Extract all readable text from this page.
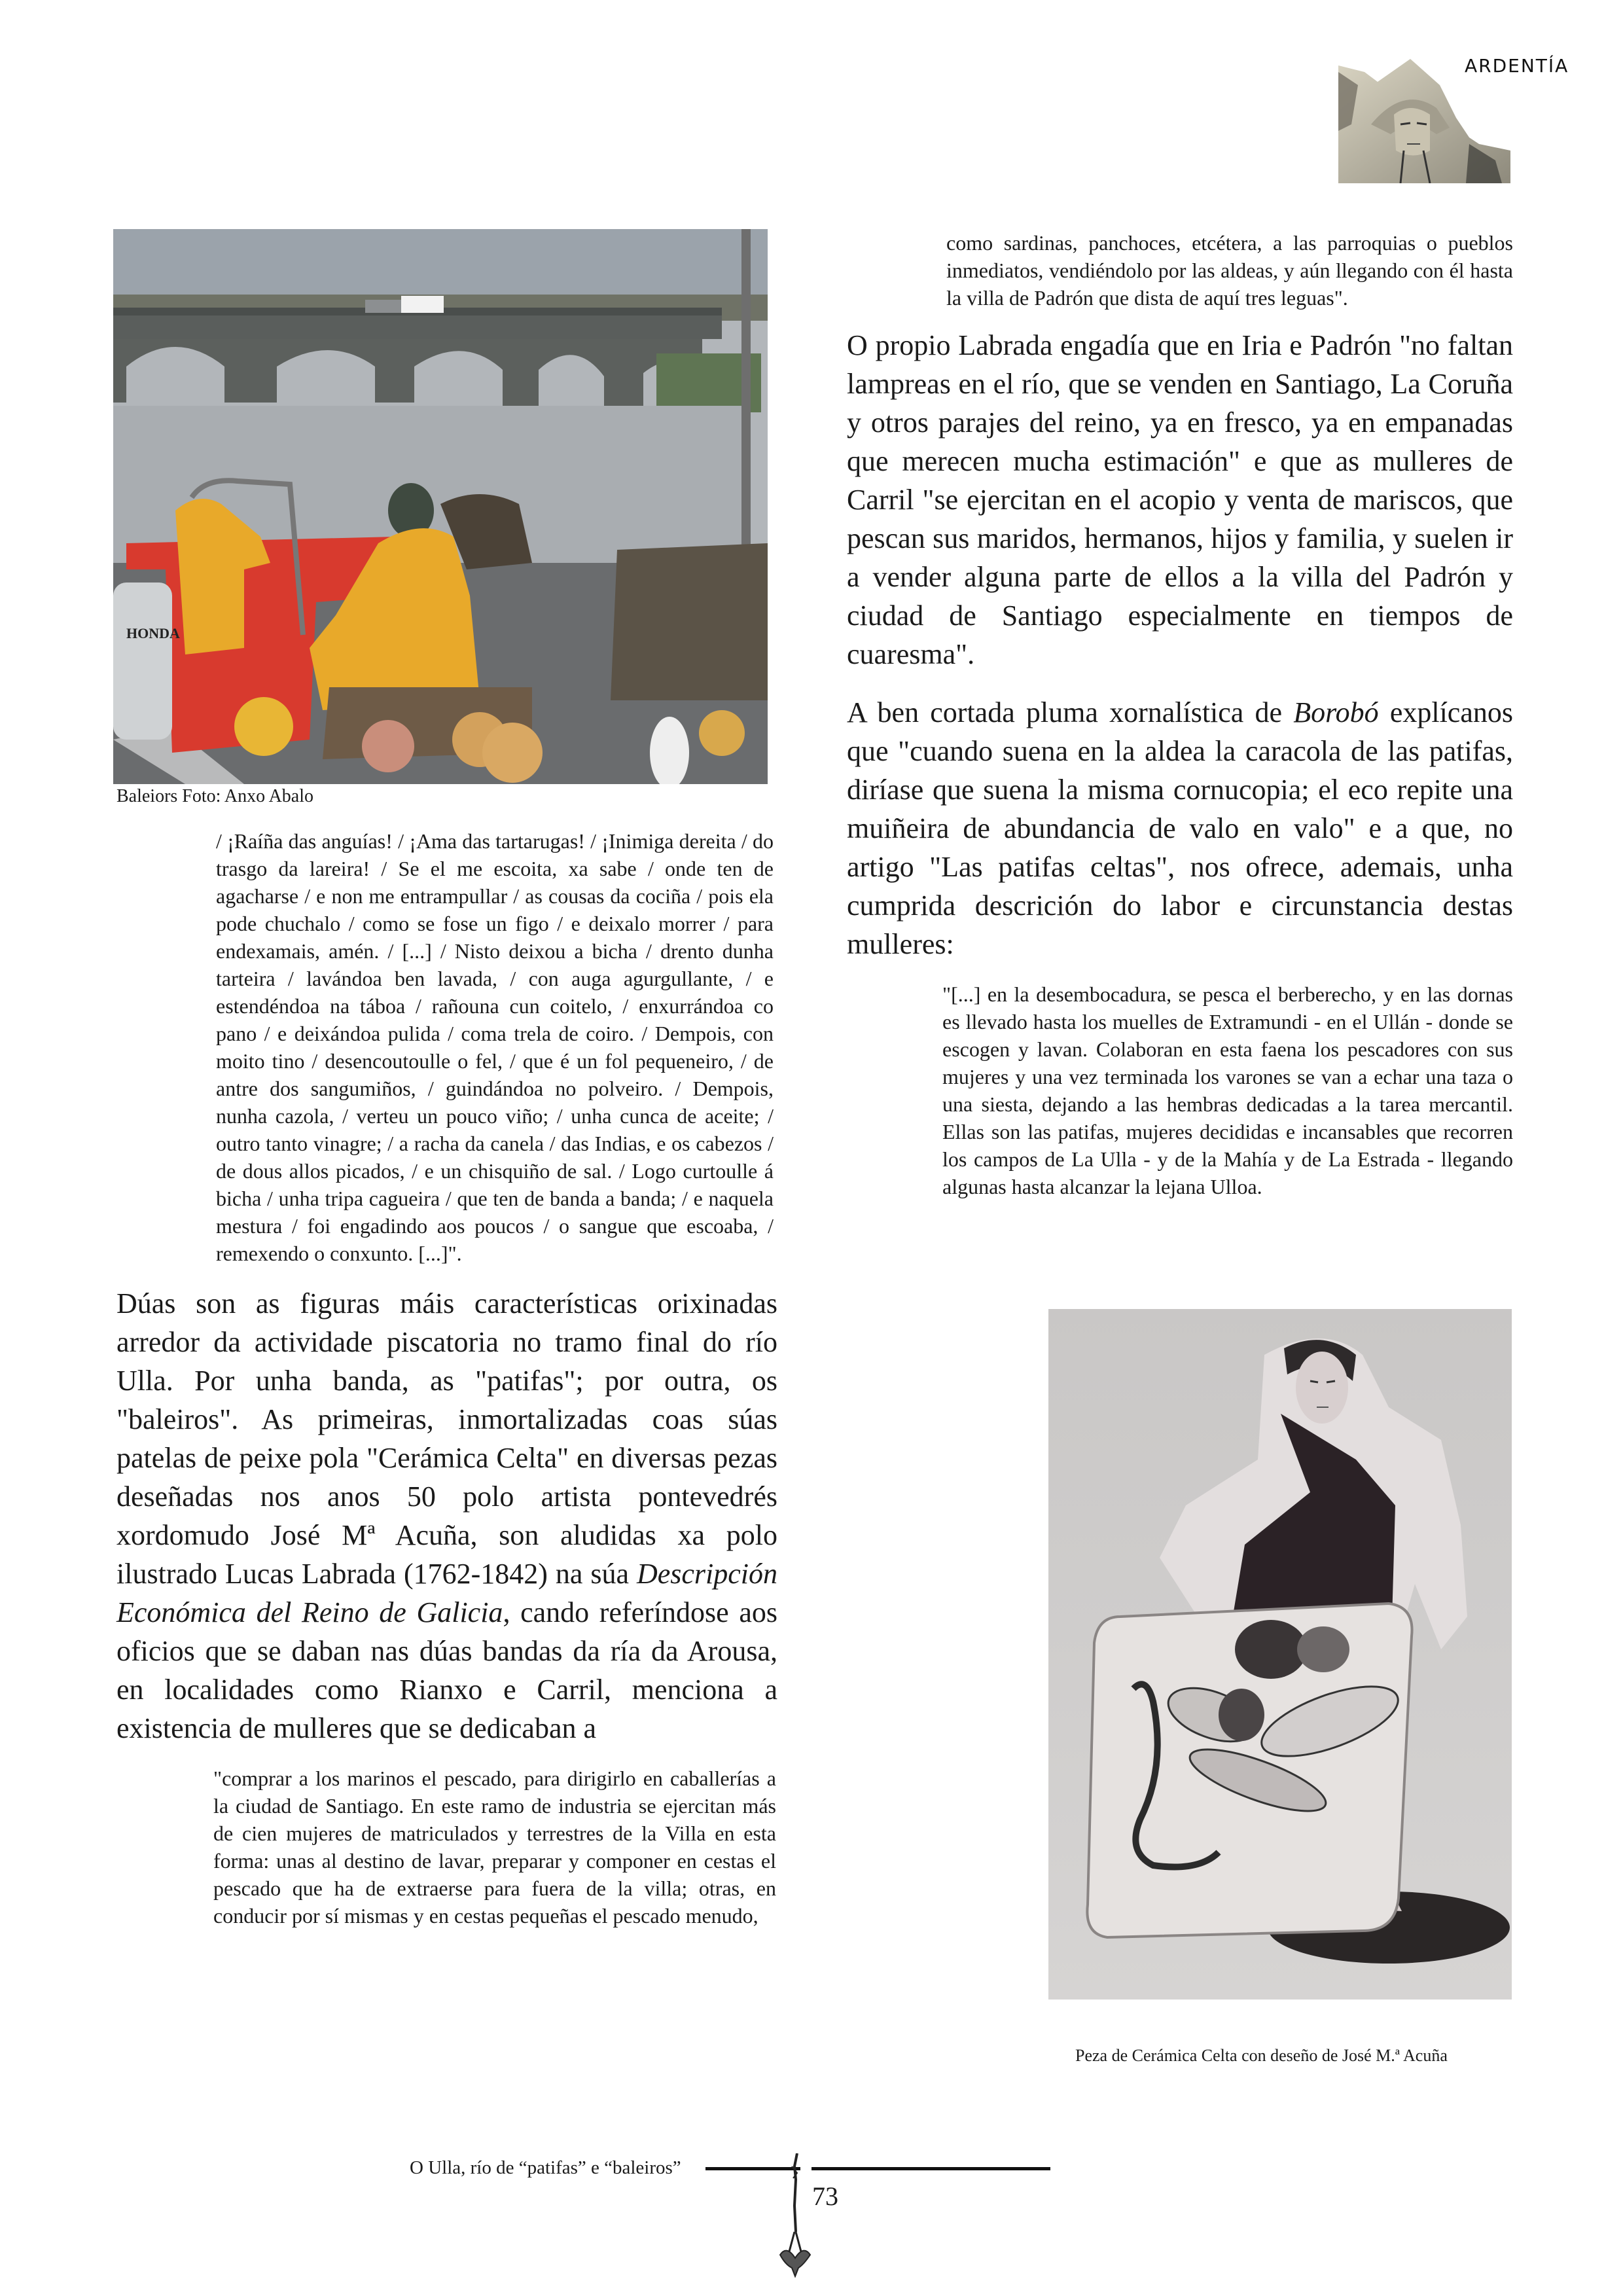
ARDENTÍA
HONDA
Baleiors Foto: Anxo Abalo

/ ¡Raíña das anguías! / ¡Ama das tartarugas! / ¡Inimiga dereita / do trasgo da lareira! / Se el me escoita, xa sabe / onde ten de agacharse / e non me entrampullar / as cousas da cociña / pois ela pode chuchalo / como se fose un figo / e deixalo morrer / para endexamais, amén. / [...] / Nisto deixou a bicha / drento dunha tarteira / lavándoa ben lavada, / con auga agurgullante, / e estendéndoa na táboa / rañouna cun coitelo, / enxurrándoa co pano / e deixándoa pulida / coma trela de coiro. / Dempois, con moito tino / desencoutoulle o fel, / que é un fol pequeneiro, / de antre dos sangumiños, / guindándoa no polveiro. / Dempois, nunha cazola, / verteu un pouco viño; / unha cunca de aceite; / outro tanto vinagre; / a racha da canela / das Indias, e os cabezos / de dous allos picados, / e un chisquiño de sal. / Logo curtoulle á bicha / unha tripa cagueira / que ten de banda a banda; / e naquela mestura / foi engadindo aos poucos / o sangue que escoaba, / remexendo o conxunto. [...]".

Dúas son as figuras máis características orixinadas arredor da actividade piscatoria no tramo final do río Ulla. Por unha banda, as "patifas"; por outra, os "baleiros". As primeiras, inmortalizadas coas súas patelas de peixe pola "Cerámica Celta" en diversas pezas deseñadas nos anos 50 polo artista pontevedrés xordomudo José Mª Acuña, son aludidas xa polo ilustrado Lucas Labrada (1762-1842) na súa Descripción Económica del Reino de Galicia, cando referíndose aos oficios que se daban nas dúas bandas da ría da Arousa, en localidades como Rianxo e Carril, menciona a existencia de mulleres que se dedicaban a

"comprar a los marinos el pescado, para dirigirlo en caballerías a la ciudad de Santiago. En este ramo de industria se ejercitan más de cien mujeres de matriculados y terrestres de la Villa en esta forma: unas al destino de lavar, preparar y componer en cestas el pescado que ha de extraerse para fuera de la villa; otras, en conducir por sí mismas y en cestas pequeñas el pescado menudo,

como sardinas, panchoces, etcétera, a las parroquias o pueblos inmediatos, vendiéndolo por las aldeas, y aún llegando con él hasta la villa de Padrón que dista de aquí tres leguas".

O propio Labrada engadía que en Iria e Padrón "no faltan lampreas en el río, que se venden en Santiago, La Coruña y otros parajes del reino, ya en fresco, ya en empanadas que merecen mucha estimación" e que as mulleres de Carril "se ejercitan en el acopio y venta de mariscos, que pescan sus maridos, hermanos, hijos y familia, y suelen ir a vender alguna parte de ellos a la villa del Padrón y ciudad de Santiago especialmente en tiempos de cuaresma".

A ben cortada pluma xornalística de Borobó explícanos que "cuando suena en la aldea la caracola de las patifas, diríase que suena la misma cornucopia; el eco repite una muiñeira de abundancia de valo en valo" e a que, no artigo "Las patifas celtas", nos ofrece, ademais, unha cumprida descrición do labor e circunstancia destas mulleres:

"[...] en la desembocadura, se pesca el berberecho, y en las dornas es llevado hasta los muelles de Extramundi - en el Ullán - donde se escogen y lavan. Colaboran en esta faena los pescadores con sus mujeres y una vez terminada los varones se van a echar una taza o una siesta, dejando a las hembras dedicadas a la tarea mercantil. Ellas son las patifas, mujeres decididas e incansables que recorren los campos de La Ulla - y de la Mahía y de La Estrada - llegando algunas hasta alcanzar la lejana Ulloa.

Peza de Cerámica Celta con deseño de José M.ª Acuña
O Ulla, río de “patifas” e “baleiros”
73
